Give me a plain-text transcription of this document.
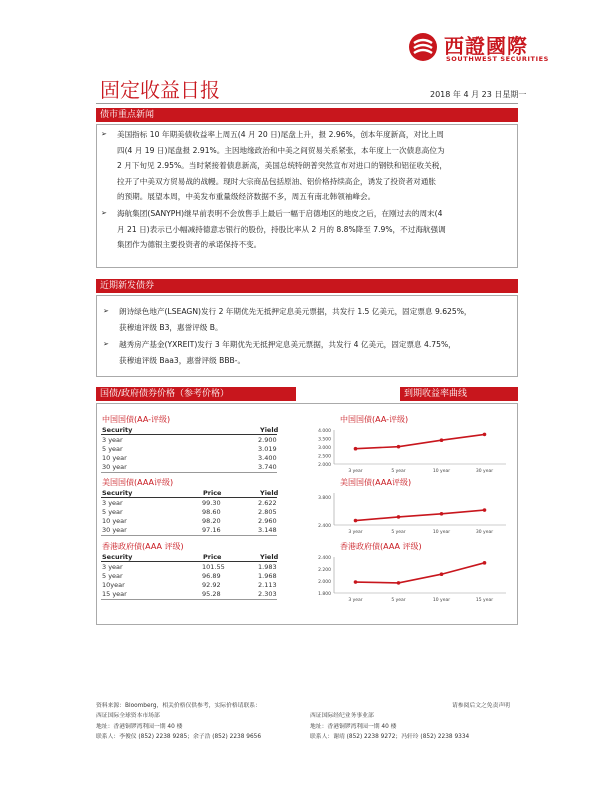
西證國際
SOUTHWEST SECURITIES
固定收益日报	2018 年 4 月 23 日星期一
债市重点新闻
➢ 美国指标 10 年期美债收益率上周五(4 月 20 日)尾盘上升，报 2.96%，创本年度新高，对比上周
四(4 月 19 日)尾盘报 2.91%。主因地缘政治和中美之间贸易关系紧张，本年度上一次债息高位为
2 月下旬见 2.95%。当时紧接着债息新高，美国总统特朗普突然宣布对进口的钢铁和铝征收关税，
拉开了中美双方贸易战的战幔。现时大宗商品包括原油、铝价格持续高企，诱发了投资者对通胀
的预期。展望本周，中美发布重量级经济数据不多，周五有南北韩领袖峰会。
➢ 海航集团(SANYPH)继早前表明不会放售手上最后一幅于启德地区的地皮之后，在刚过去的周末(4
月 21 日)表示已小幅减持德意志银行的股份，持股比率从 2 月的 8.8%降至 7.9%，不过海航强调
集团作为德银主要投资者的承诺保持不变。
近期新发债券
➢ 朗诗绿色地产(LSEAGN)发行 2 年期优先无抵押定息美元票据，共发行 1.5 亿美元，固定票息 9.625%，
获穆迪评级 B3，惠誉评级 B。
➢ 越秀房产基金(YXREIT)发行 3 年期优先无抵押定息美元票据，共发行 4 亿美元，固定票息 4.75%，
获穆迪评级 Baa3，惠誉评级 BBB-。
国债/政府债券价格（参考价格）	到期收益率曲线
中国国债(AA-评级)
Security	Yield
3 year	2.900
5 year	3.019
10 year	3.400
30 year	3.740
美国国债(AAA评级)
Security	Price	Yield
3 year	99.30	2.622
5 year	98.60	2.805
10 year	98.20	2.960
30 year	97.16	3.148
香港政府债(AAA 评级)
Security	Price	Yield
3 year	101.55	1.983
5 year	96.89	1.968
10year	92.92	2.113
15 year	95.28	2.303
中国国债(AA-评级)
4.000
3.500
3.000
2.500
2.000
3 year	5 year	10 year	30 year
美国国债(AAA评级)
3.800
2.400
3 year	5 year	10 year	30 year
香港政府债(AAA 评级)
2.400
2.200
2.000
1.800
3 year	5 year	10 year	15 year
资料来源：Bloomberg，相关价格仅供参考，实际价格请联系：	请参阅后文之免责声明
西证国际全球资本市场部
地址：香港铜锣湾利园一期 40 楼
联系人：李俊仪 (852) 2238 9285；余子浩 (852) 2238 9656
西证国际经纪业务事业部
地址：香港铜锣湾利园一期 40 楼
联系人：谢靖 (852) 2238 9272；冯轩玲 (852) 2238 9334
